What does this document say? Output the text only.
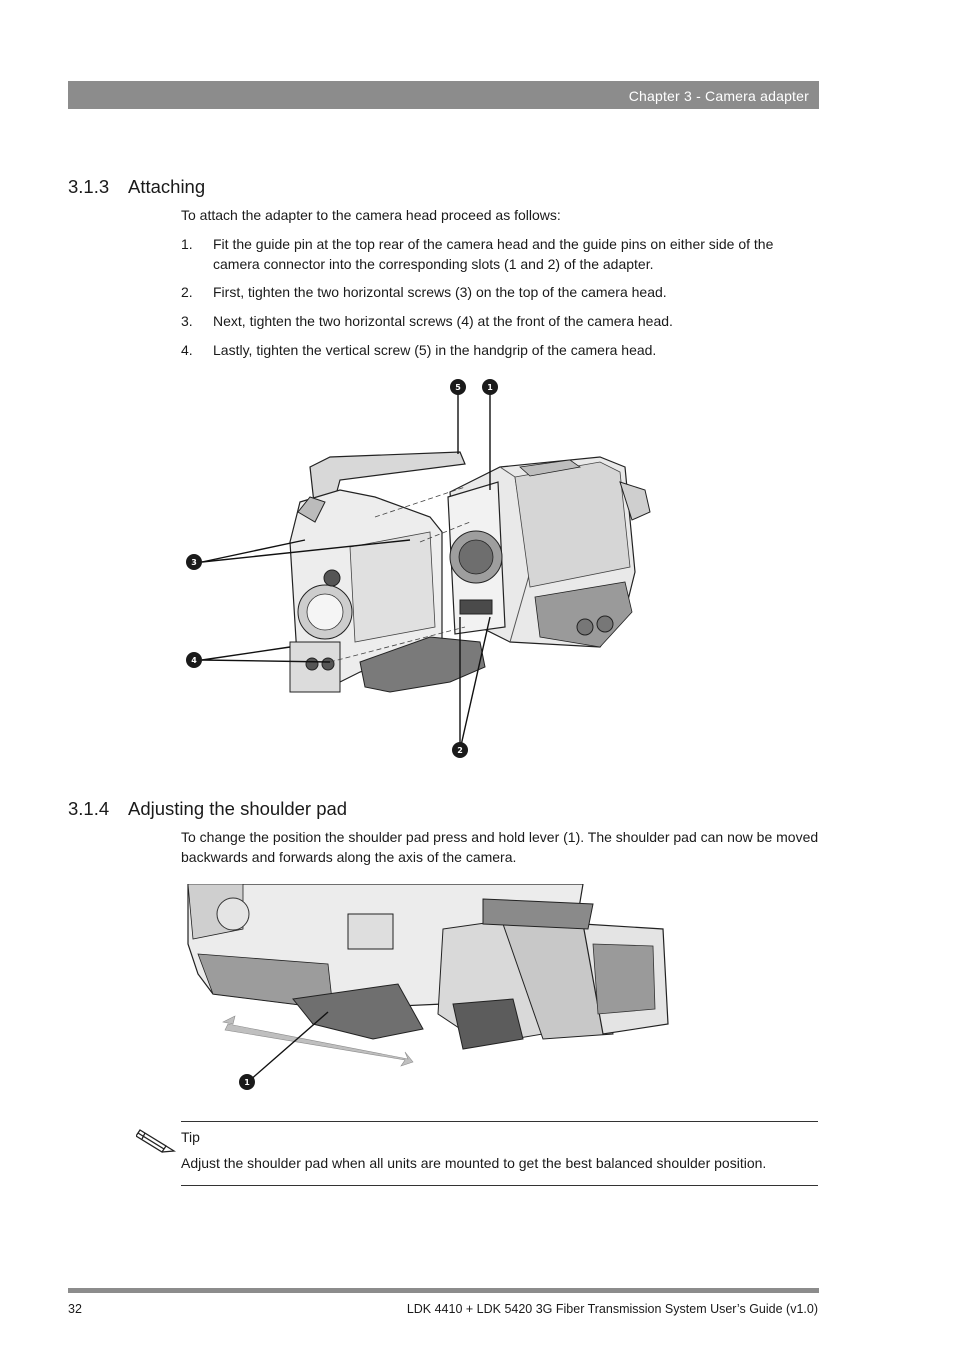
Chapter 3 - Camera adapter
3.1.3 Attaching
To attach the adapter to the camera head proceed as follows:
1.	Fit the guide pin at the top rear of the camera head and the guide pins on either side of the camera connector into the corresponding slots (1 and 2) of the adapter.
2.	First, tighten the two horizontal screws (3) on the top of the camera head.
3.	Next, tighten the two horizontal screws (4) at the front of the camera head.
4.	Lastly, tighten the vertical screw (5) in the handgrip of the camera head.
5	1
3
4
2
3.1.4 Adjusting the shoulder pad
To change the position the shoulder pad press and hold lever (1). The shoulder pad can now be moved backwards and forwards along the axis of the camera.
1
Tip
Adjust the shoulder pad when all units are mounted to get the best balanced shoulder position.
32	LDK 4410 + LDK 5420 3G Fiber Transmission System User’s Guide (v1.0)
